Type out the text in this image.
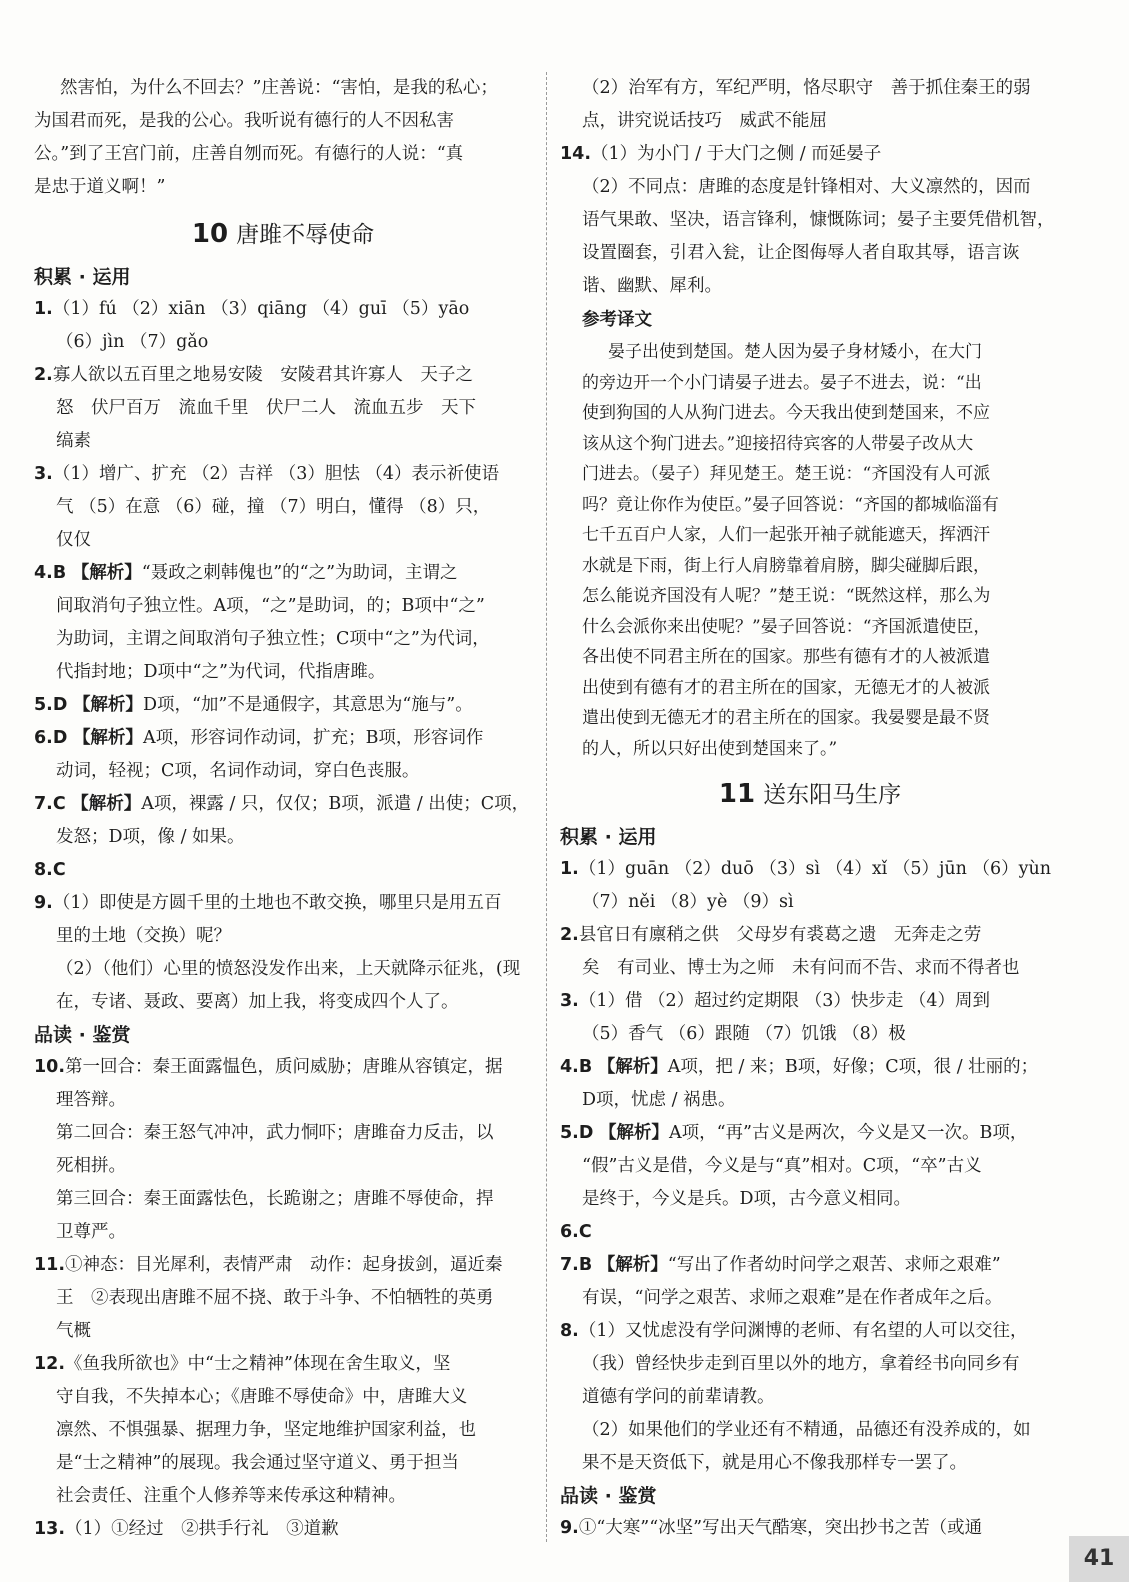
然害怕，为什么不回去？”庄善说：“害怕，是我的私心；
为国君而死，是我的公心。我听说有德行的人不因私害
公。”到了王宫门前，庄善自刎而死。有德行的人说：“真
是忠于道义啊！”
10 唐雎不辱使命
积累 · 运用
1.（1）fú （2）xiān （3）qiāng （4）guī （5）yāo
（6）jìn （7）gǎo
2.寡人欲以五百里之地易安陵　安陵君其许寡人　天子之
怒　伏尸百万　流血千里　伏尸二人　流血五步　天下
缟素
3.（1）增广、扩充 （2）吉祥 （3）胆怯 （4）表示祈使语
气 （5）在意 （6）碰，撞 （7）明白，懂得 （8）只，
仅仅
4.B 【解析】“聂政之刺韩傀也”的“之”为助词，主谓之
间取消句子独立性。A项，“之”是助词，的；B项中“之”
为助词，主谓之间取消句子独立性；C项中“之”为代词，
代指封地；D项中“之”为代词，代指唐雎。
5.D 【解析】D项，“加”不是通假字，其意思为“施与”。
6.D 【解析】A项，形容词作动词，扩充；B项，形容词作
动词，轻视；C项，名词作动词，穿白色丧服。
7.C 【解析】A项，裸露 / 只，仅仅；B项，派遣 / 出使；C项，
发怒；D项，像 / 如果。
8.C
9.（1）即使是方圆千里的土地也不敢交换，哪里只是用五百
里的土地（交换）呢？
（2）（他们）心里的愤怒没发作出来，上天就降示征兆，(现
在，专诸、聂政、要离）加上我，将变成四个人了。
品读 · 鉴赏
10.第一回合：秦王面露愠色，质问威胁；唐雎从容镇定，据
理答辩。
第二回合：秦王怒气冲冲，武力恫吓；唐雎奋力反击，以
死相拼。
第三回合：秦王面露怯色，长跪谢之；唐雎不辱使命，捍
卫尊严。
11.①神态：目光犀利，表情严肃　动作：起身拔剑，逼近秦
王　②表现出唐雎不屈不挠、敢于斗争、不怕牺牲的英勇
气概
12.《鱼我所欲也》中“士之精神”体现在舍生取义，坚
守自我，不失掉本心；《唐雎不辱使命》中，唐雎大义
凛然、不惧强暴、据理力争，坚定地维护国家利益，也
是“士之精神”的展现。我会通过坚守道义、勇于担当
社会责任、注重个人修养等来传承这种精神。
13.（1）①经过　②拱手行礼　③道歉
（2）治军有方，军纪严明，恪尽职守　善于抓住秦王的弱
点，讲究说话技巧　威武不能屈
14.（1）为小门 / 于大门之侧 / 而延晏子
（2）不同点：唐雎的态度是针锋相对、大义凛然的，因而
语气果敢、坚决，语言锋利，慷慨陈词；晏子主要凭借机智，
设置圈套，引君入瓮，让企图侮辱人者自取其辱，语言诙
谐、幽默、犀利。
参考译文
晏子出使到楚国。楚人因为晏子身材矮小，在大门
的旁边开一个小门请晏子进去。晏子不进去，说：“出
使到狗国的人从狗门进去。今天我出使到楚国来，不应
该从这个狗门进去。”迎接招待宾客的人带晏子改从大
门进去。（晏子）拜见楚王。楚王说：“齐国没有人可派
吗？竟让你作为使臣。”晏子回答说：“齐国的都城临淄有
七千五百户人家，人们一起张开袖子就能遮天，挥洒汗
水就是下雨，街上行人肩膀靠着肩膀，脚尖碰脚后跟，
怎么能说齐国没有人呢？”楚王说：“既然这样，那么为
什么会派你来出使呢？”晏子回答说：“齐国派遣使臣，
各出使不同君主所在的国家。那些有德有才的人被派遣
出使到有德有才的君主所在的国家，无德无才的人被派
遣出使到无德无才的君主所在的国家。我晏婴是最不贤
的人，所以只好出使到楚国来了。”
11 送东阳马生序
积累 · 运用
1.（1）guān （2）duō （3）sì （4）xǐ （5）jūn （6）yùn
（7）něi （8）yè （9）sì
2.县官日有廪稍之供　父母岁有裘葛之遗　无奔走之劳
矣　有司业、博士为之师　未有问而不告、求而不得者也
3.（1）借 （2）超过约定期限 （3）快步走 （4）周到
（5）香气 （6）跟随 （7）饥饿 （8）极
4.B 【解析】A项，把 / 来；B项，好像；C项，很 / 壮丽的；
D项，忧虑 / 祸患。
5.D 【解析】A项，“再”古义是两次，今义是又一次。B项，
“假”古义是借，今义是与“真”相对。C项，“卒”古义
是终于，今义是兵。D项，古今意义相同。
6.C
7.B 【解析】“写出了作者幼时问学之艰苦、求师之艰难”
有误，“问学之艰苦、求师之艰难”是在作者成年之后。
8.（1）又忧虑没有学问渊博的老师、有名望的人可以交往，
（我）曾经快步走到百里以外的地方，拿着经书向同乡有
道德有学问的前辈请教。
（2）如果他们的学业还有不精通，品德还有没养成的，如
果不是天资低下，就是用心不像我那样专一罢了。
品读 · 鉴赏
9.①“大寒”“冰坚”写出天气酷寒，突出抄书之苦（或通
41
